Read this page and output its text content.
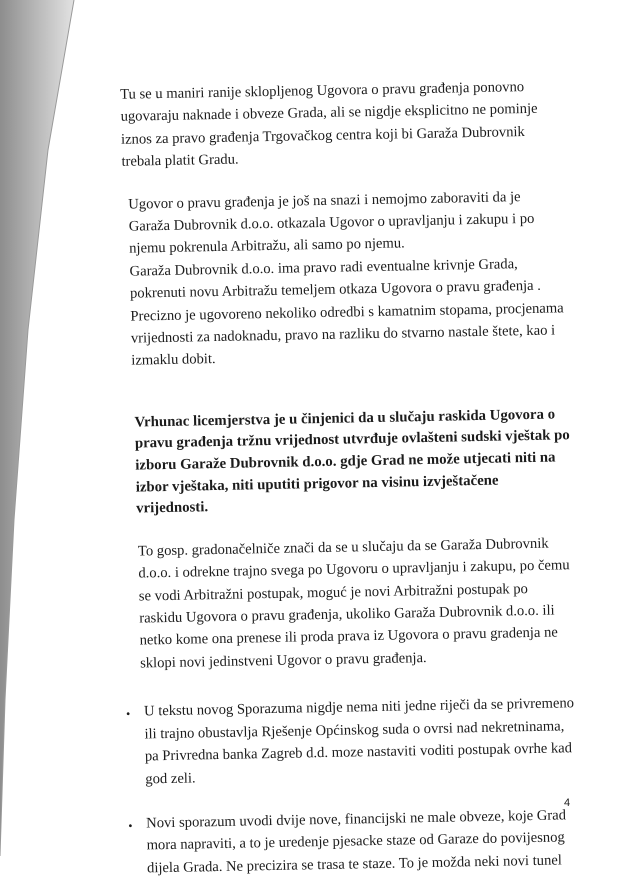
Tu se u maniri ranije sklopljenog Ugovora o pravu građenja ponovno

ugovaraju naknade i obveze Grada, ali se nigdje eksplicitno ne pominje

iznos za pravo građenja Trgovačkog centra koji bi Garaža Dubrovnik

trebala platit Gradu.

Ugovor o pravu građenja je još na snazi i nemojmo zaboraviti da je

Garaža Dubrovnik d.o.o. otkazala Ugovor o upravljanju i zakupu i po

njemu pokrenula Arbitražu, ali samo po njemu.

Garaža Dubrovnik d.o.o. ima pravo radi eventualne krivnje Grada,

pokrenuti novu Arbitražu temeljem otkaza Ugovora o pravu građenja .

Precizno je ugovoreno nekoliko odredbi s kamatnim stopama, procjenama

vrijednosti za nadoknadu, pravo na razliku do stvarno nastale štete, kao i

izmaklu dobit.

Vrhunac licemjerstva je u činjenici da u slučaju raskida Ugovora o

pravu građenja tržnu vrijednost utvrđuje ovlašteni sudski vještak po

izboru Garaže Dubrovnik d.o.o. gdje Grad ne može utjecati niti na

izbor vještaka, niti uputiti prigovor na visinu izvještačene

vrijednosti.

To gosp. gradonačelniče znači da se u slučaju da se Garaža Dubrovnik

d.o.o. i odrekne trajno svega po Ugovoru o upravljanju i zakupu, po čemu

se vodi Arbitražni postupak, moguć je novi Arbitražni postupak po

raskidu Ugovora o pravu građenja, ukoliko Garaža Dubrovnik d.o.o. ili

netko kome ona prenese ili proda prava iz Ugovora o pravu gradenja ne

sklopi novi jedinstveni Ugovor o pravu građenja.

• U tekstu novog Sporazuma nigdje nema niti jedne riječi da se privremeno

ili trajno obustavlja Rješenje Općinskog suda o ovrsi nad nekretninama,

pa Privredna banka Zagreb d.d. moze nastaviti voditi postupak ovrhe kad

god zeli.

• Novi sporazum uvodi dvije nove, financijski ne male obveze, koje Grad

mora napraviti, a to je uredenje pjesacke staze od Garaze do povijesnog

dijela Grada. Ne precizira se trasa te staze. To je možda neki novi tunel

4
